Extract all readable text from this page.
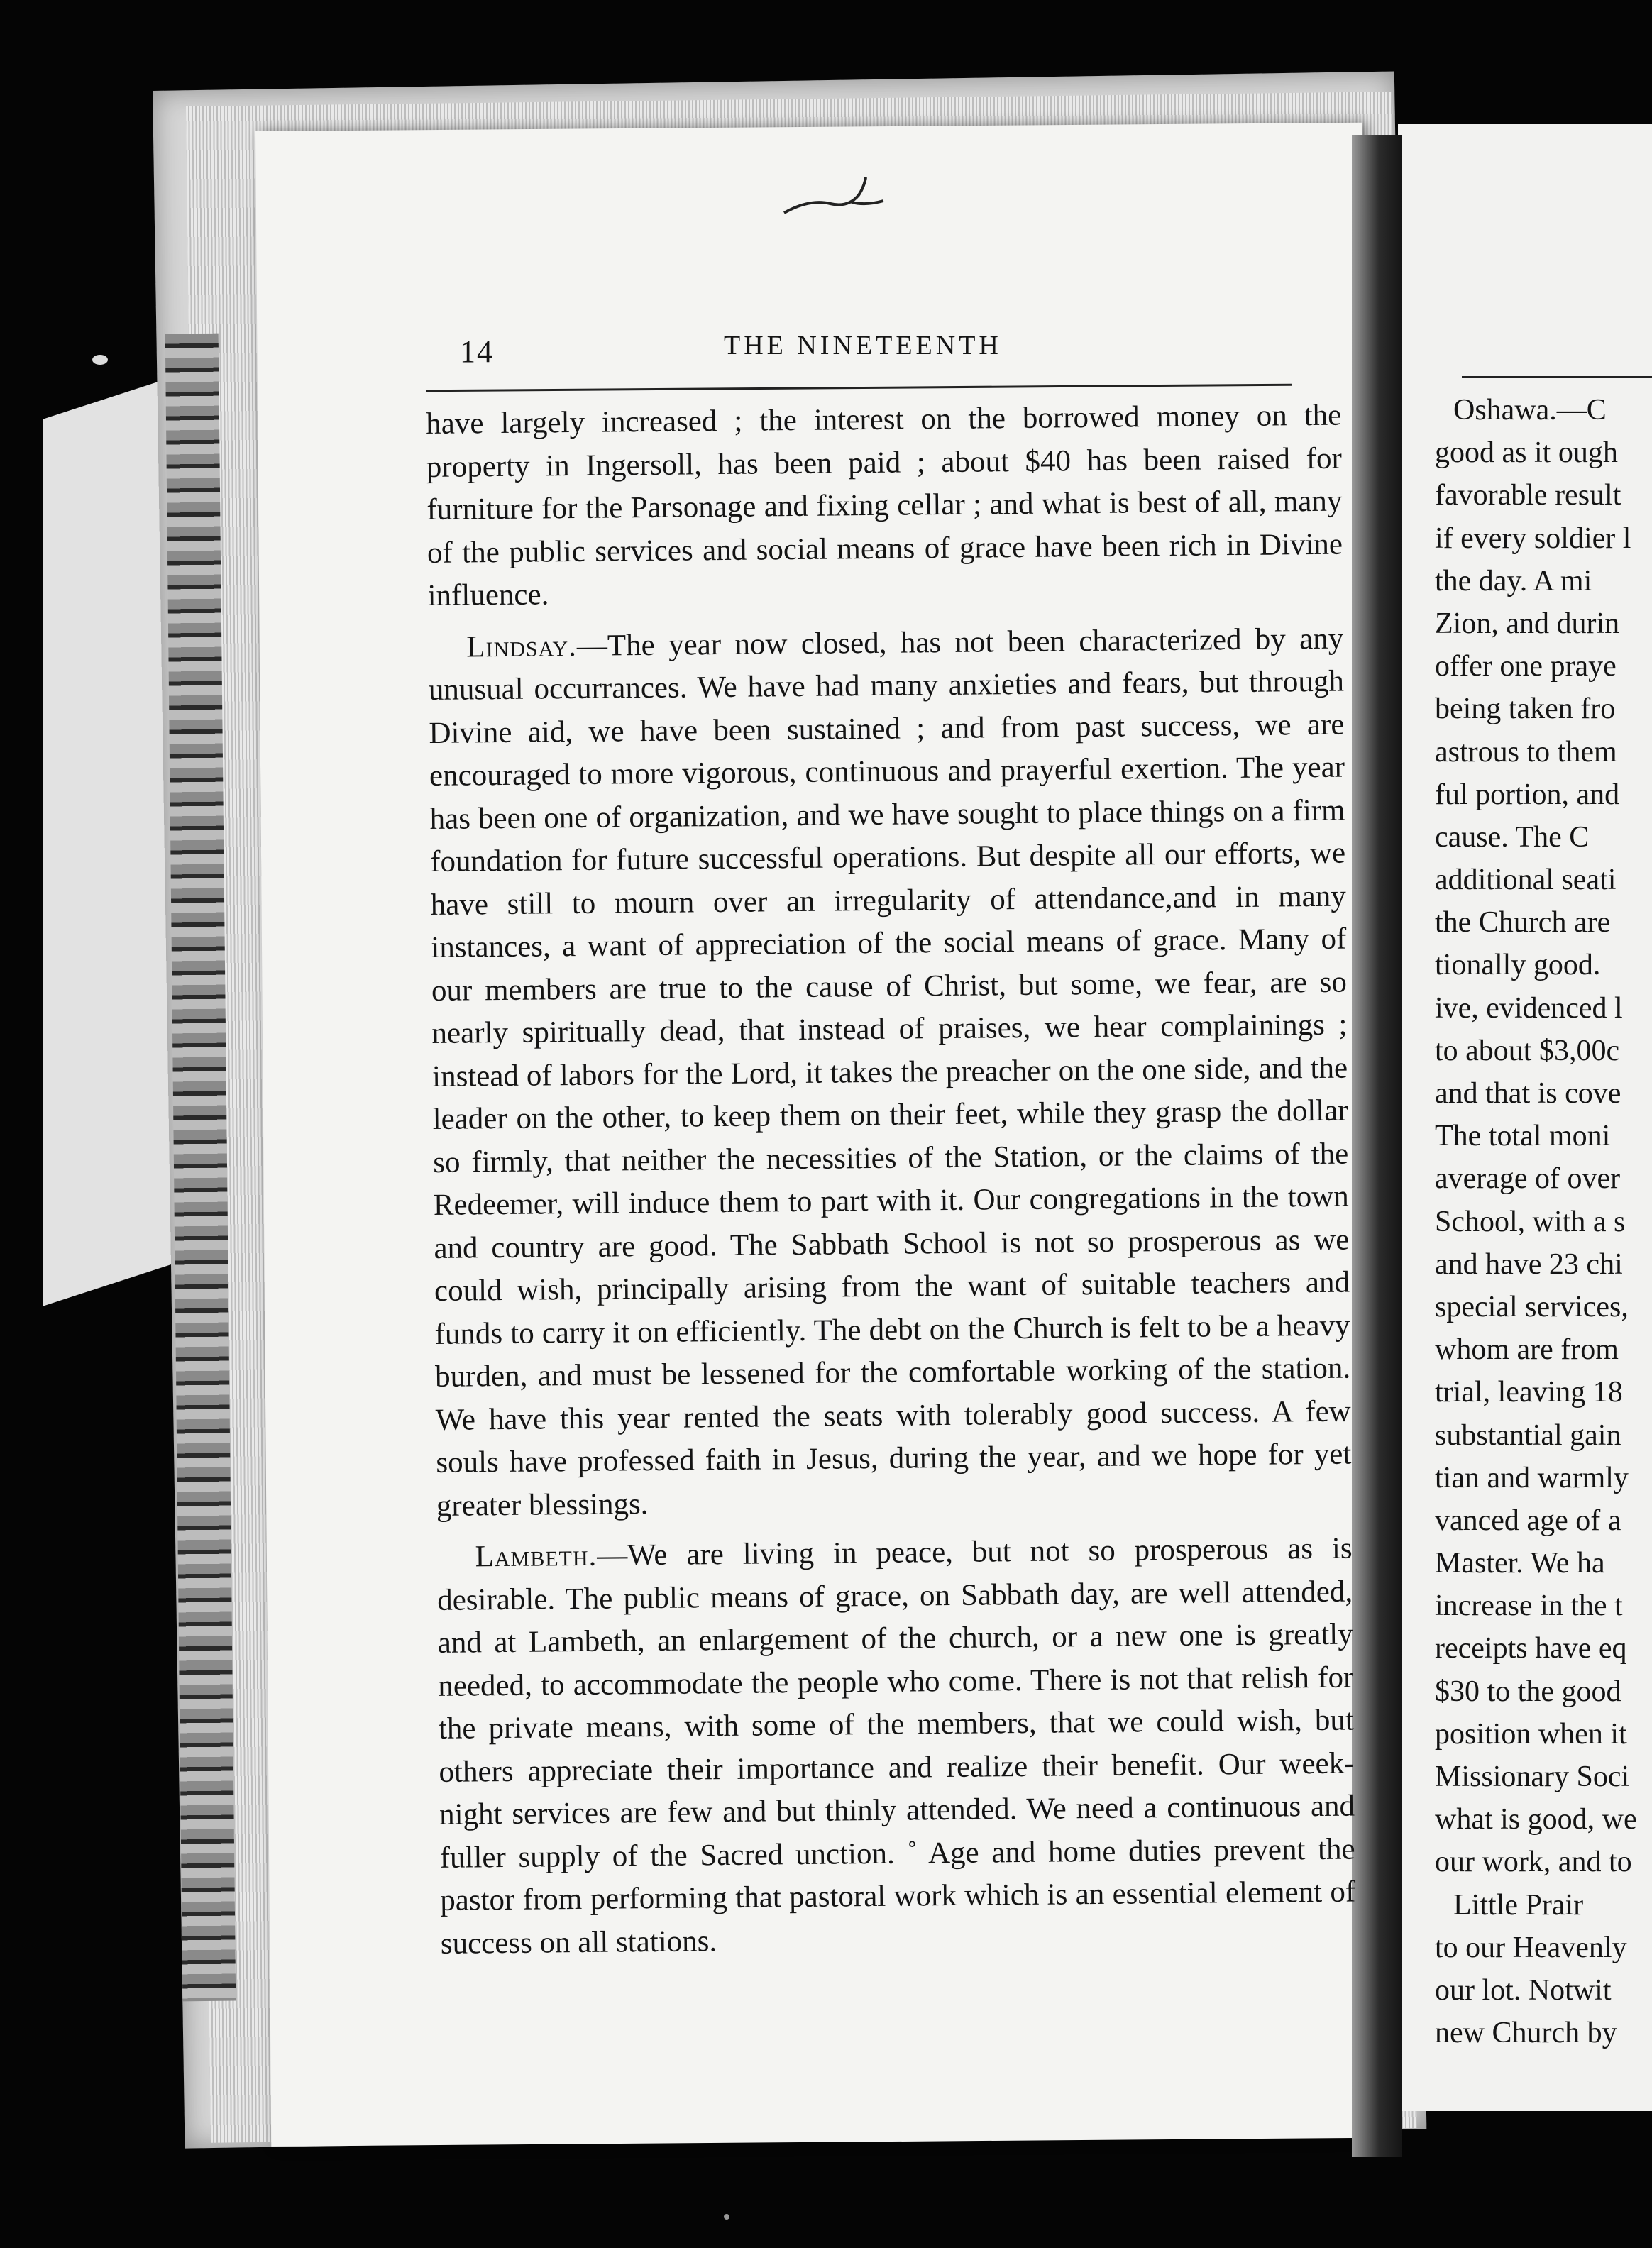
14	THE NINETEENTH

have largely increased ; the interest on the borrowed money on the property in Ingersoll, has been paid ; about $40 has been raised for furniture for the Parsonage and fixing cellar ; and what is best of all, many of the public services and social means of grace have been rich in Divine influence.

Lindsay.—The year now closed, has not been characterized by any unusual occurrances. We have had many anxieties and fears, but through Divine aid, we have been sustained ; and from past success, we are encouraged to more vigorous, continuous and prayerful exertion. The year has been one of organization, and we have sought to place things on a firm foundation for future successful operations. But despite all our efforts, we have still to mourn over an irregularity of attendance,and in many instances, a want of appreciation of the social means of grace. Many of our members are true to the cause of Christ, but some, we fear, are so nearly spiritually dead, that instead of praises, we hear complainings ; instead of labors for the Lord, it takes the preacher on the one side, and the leader on the other, to keep them on their feet, while they grasp the dollar so firmly, that neither the necessities of the Station, or the claims of the Redeemer, will induce them to part with it. Our congregations in the town and country are good. The Sabbath School is not so prosperous as we could wish, principally arising from the want of suitable teachers and funds to carry it on efficiently. The debt on the Church is felt to be a heavy burden, and must be lessened for the comfortable working of the station. We have this year rented the seats with tolerably good success. A few souls have professed faith in Jesus, during the year, and we hope for yet greater blessings.

Lambeth.—We are living in peace, but not so prosperous as is desirable. The public means of grace, on Sabbath day, are well attended, and at Lambeth, an enlargement of the church, or a new one is greatly needed, to accommodate the people who come. There is not that relish for the private means, with some of the members, that we could wish, but others appreciate their importance and realize their benefit. Our week-night services are few and but thinly attended. We need a continuous and fuller supply of the Sacred unction. ˚ Age and home duties prevent the pastor from performing that pastoral work which is an essential element of success on all stations.

Oshawa.—C
good as it ough
favorable result
if every soldier l
the day. A mi
Zion, and durin
offer one praye
being taken fro
astrous to them
ful portion, and
cause. The C
additional seati
the Church are
tionally good.
ive, evidenced l
to about $3,00c
and that is cove
The total moni
average of over
School, with a s
and have 23 chi
special services,
whom are from
trial, leaving 18
substantial gain
tian and warmly
vanced age of a
Master. We ha
increase in the t
receipts have eq
$30 to the good
position when it
Missionary Soci
what is good, we
our work, and to
Little Prair
to our Heavenly
our lot. Notwit
new Church by
